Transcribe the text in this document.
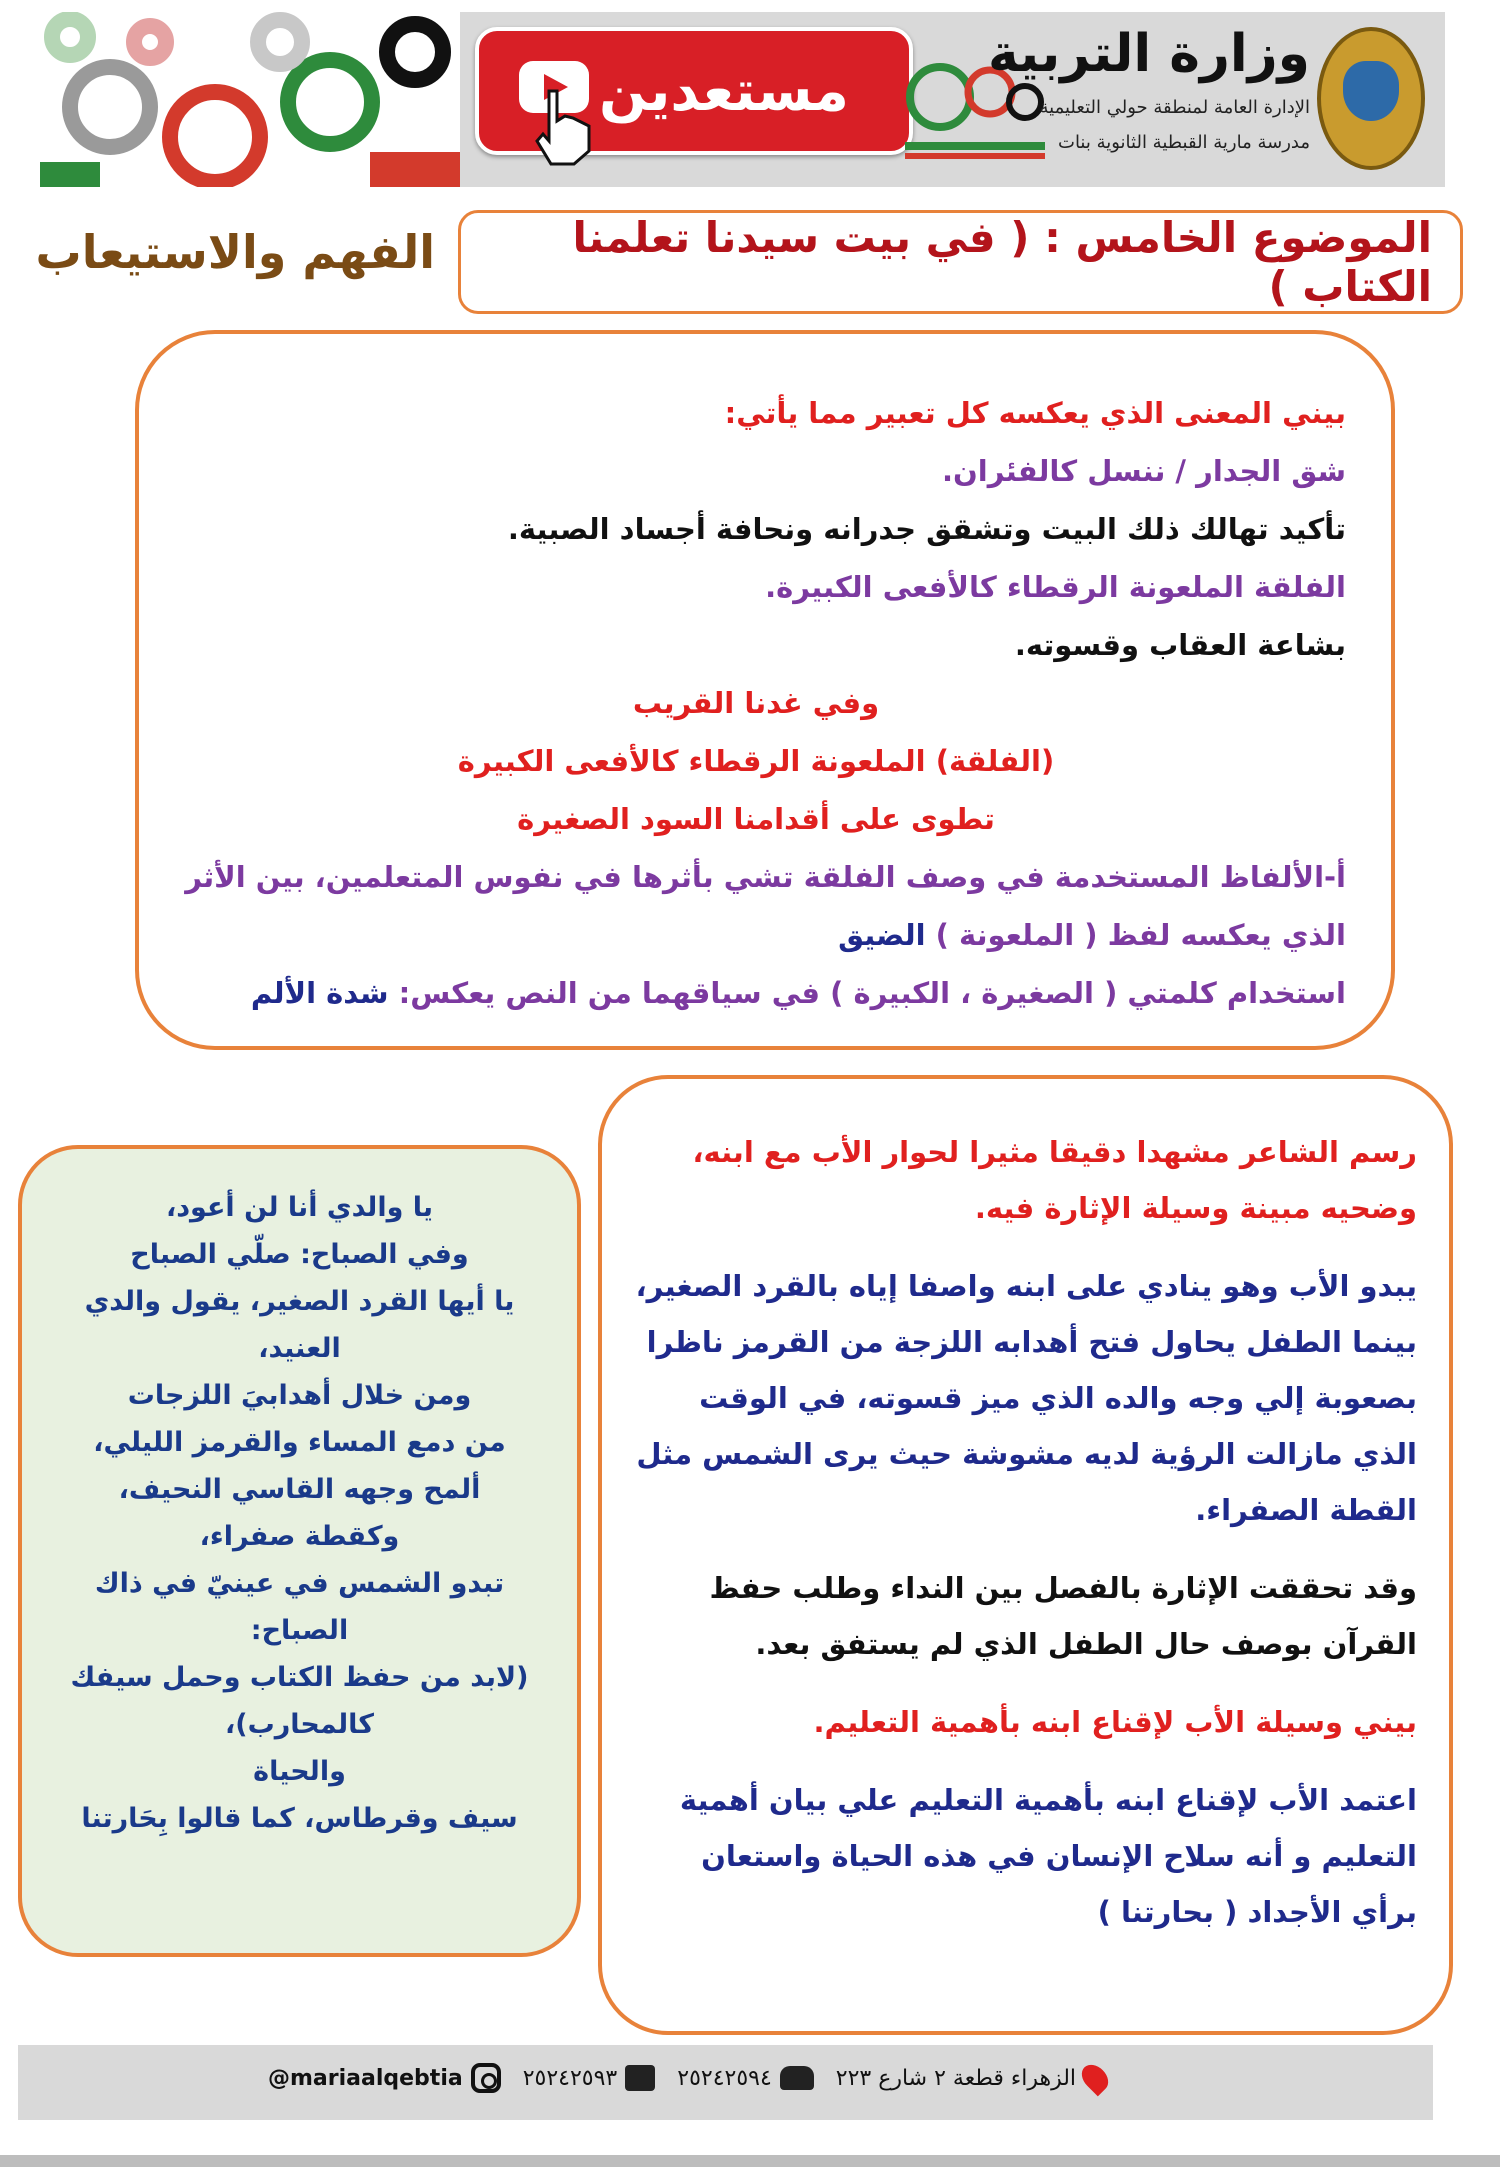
مستعدين
وزارة التربية
الإدارة العامة لمنطقة حولي التعليمية
مدرسة مارية القبطية الثانوية بنات
الموضوع الخامس : ( في بيت سيدنا تعلمنا الكتاب )
الفهم والاستيعاب
بيني المعنى الذي يعكسه كل تعبير مما يأتي:
شق الجدار / ننسل كالفئران.
تأكيد تهالك ذلك البيت وتشقق جدرانه ونحافة أجساد الصبية.
الفلقة الملعونة الرقطاء كالأفعى الكبيرة.
بشاعة العقاب وقسوته.
وفي غدنا القريب
(الفلقة) الملعونة الرقطاء كالأفعى الكبيرة
تطوى على أقدامنا السود الصغيرة
أ-الألفاظ المستخدمة في وصف الفلقة تشي بأثرها في نفوس المتعلمين، بين الأثر
الذي يعكسه لفظ ( الملعونة ) الضيق
استخدام كلمتي ( الصغيرة ، الكبيرة ) في سياقهما من النص يعكس: شدة الألم
رسم الشاعر مشهدا دقيقا مثيرا لحوار الأب مع ابنه،
وضحيه مبينة وسيلة الإثارة فيه.
يبدو الأب وهو ينادي على ابنه واصفا إياه بالقرد الصغير، بينما الطفل يحاول فتح أهدابه اللزجة من القرمز ناظرا بصعوبة إلي وجه والده الذي ميز قسوته، في الوقت الذي مازالت الرؤية لديه مشوشة حيث يرى الشمس مثل القطة الصفراء.
وقد تحققت الإثارة بالفصل بين النداء وطلب حفظ القرآن بوصف حال الطفل الذي لم يستفق بعد.
بيني وسيلة الأب لإقناع ابنه بأهمية التعليم.
اعتمد الأب لإقناع ابنه بأهمية التعليم علي بيان أهمية التعليم و أنه سلاح الإنسان في هذه الحياة واستعان برأي الأجداد ( بحارتنا )
يا والدي أنا لن أعود،
وفي الصباح: صلّي الصباح
يا أيها القرد الصغير، يقول والدي العنيد،
ومن خلال أهدابيَ اللزجات
من دمع المساء والقرمز الليلي،
ألمح وجهه القاسي النحيف،
وكقطة صفراء،
تبدو الشمس في عينيّ في ذاك الصباح:
(لابد من حفظ الكتاب وحمل سيفك كالمحارب)،
والحياة
سيف وقرطاس، كما قالوا بِحَارتنا
@mariaalqebtia	٢٥٢٤٢٥٩٣	٢٥٢٤٢٥٩٤	الزهراء قطعة ٢ شارع ٢٢٣
